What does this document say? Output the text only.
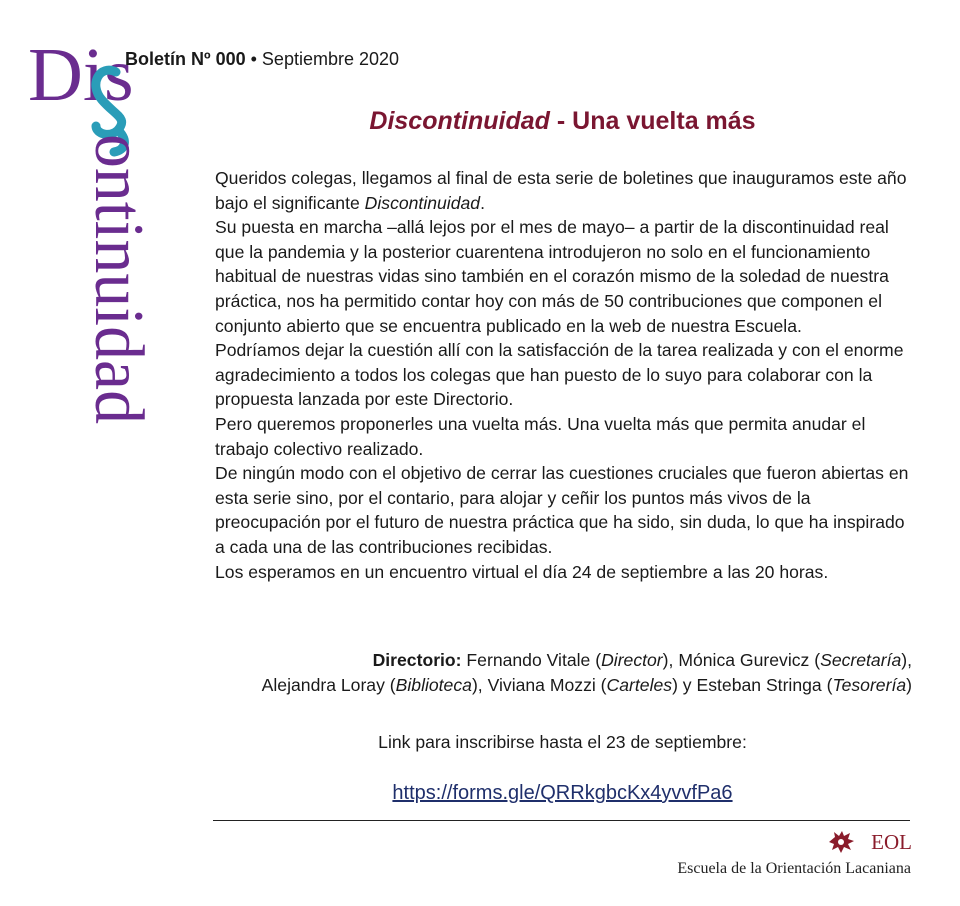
Dis
ontinuidad
Boletín Nº 000 • Septiembre 2020
Discontinuidad - Una vuelta más

Queridos colegas, llegamos al final de esta serie de boletines que inauguramos este año bajo el significante Discontinuidad.

Su puesta en marcha –allá lejos por el mes de mayo– a partir de la discontinuidad real que la pandemia y la posterior cuarentena introdujeron no solo en el funcionamiento habitual de nuestras vidas sino también en el corazón mismo de la soledad de nuestra práctica, nos ha permitido contar hoy con más de 50 contribuciones que componen el conjunto abierto que se encuentra publicado en la web de nuestra Escuela.

Podríamos dejar la cuestión allí con la satisfacción de la tarea realizada y con el enorme agradecimiento a todos los colegas que han puesto de lo suyo para colaborar con la propuesta lanzada por este Directorio.

Pero queremos proponerles una vuelta más. Una vuelta más que permita anudar el trabajo colectivo realizado.

De ningún modo con el objetivo de cerrar las cuestiones cruciales que fueron abiertas en esta serie sino, por el contario, para alojar y ceñir los puntos más vivos de la preocupación por el futuro de nuestra práctica que ha sido, sin duda, lo que ha inspirado a cada una de las contribuciones recibidas.

Los esperamos en un encuentro virtual el día 24 de septiembre a las 20 horas.

Directorio: Fernando Vitale (Director), Mónica Gurevicz (Secretaría),
Alejandra Loray (Biblioteca), Viviana Mozzi (Carteles) y Esteban Stringa (Tesorería)
Link para inscribirse hasta el 23 de septiembre:
https://forms.gle/QRRkgbcKx4yvvfPa6
EOL
Escuela de la Orientación Lacaniana
